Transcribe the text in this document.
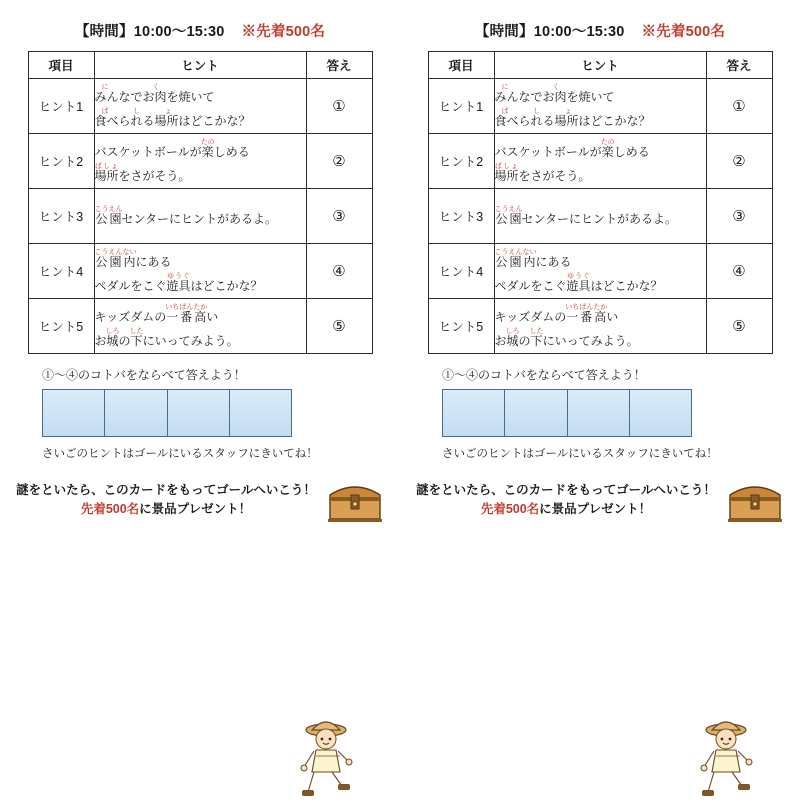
【時間】10:00～15:30 ※先着500名
項目	ヒント	答え
ヒント1	みんなでお肉にくを焼いて
食べられる場所ばしょはどこかな？	①
ヒント2	バスケットボールが楽たのしめる
場所ばしょをさがそう。	②
ヒント3	公園こうえんセンターにヒントがあるよ。	③
ヒント4	公園内こうえんないにある
ペダルをこぐ遊具ゆうぐはどこかな？	④
ヒント5	キッズダムの一番高いちばんたかい
お城しろの下したにいってみよう。	⑤
①～④のコトバをならべて答えよう！
さいごのヒントはゴールにいるスタッフにきいてね！
謎をといたら、このカードをもってゴールへいこう！
先着500名に景品プレゼント！
【時間】10:00～15:30 ※先着500名
項目	ヒント	答え
ヒント1	みんなでお肉にくを焼いて
食べられる場所ばしょはどこかな？	①
ヒント2	バスケットボールが楽たのしめる
場所ばしょをさがそう。	②
ヒント3	公園こうえんセンターにヒントがあるよ。	③
ヒント4	公園内こうえんないにある
ペダルをこぐ遊具ゆうぐはどこかな？	④
ヒント5	キッズダムの一番高いちばんたかい
お城しろの下したにいってみよう。	⑤
①～④のコトバをならべて答えよう！
さいごのヒントはゴールにいるスタッフにきいてね！
謎をといたら、このカードをもってゴールへいこう！
先着500名に景品プレゼント！
